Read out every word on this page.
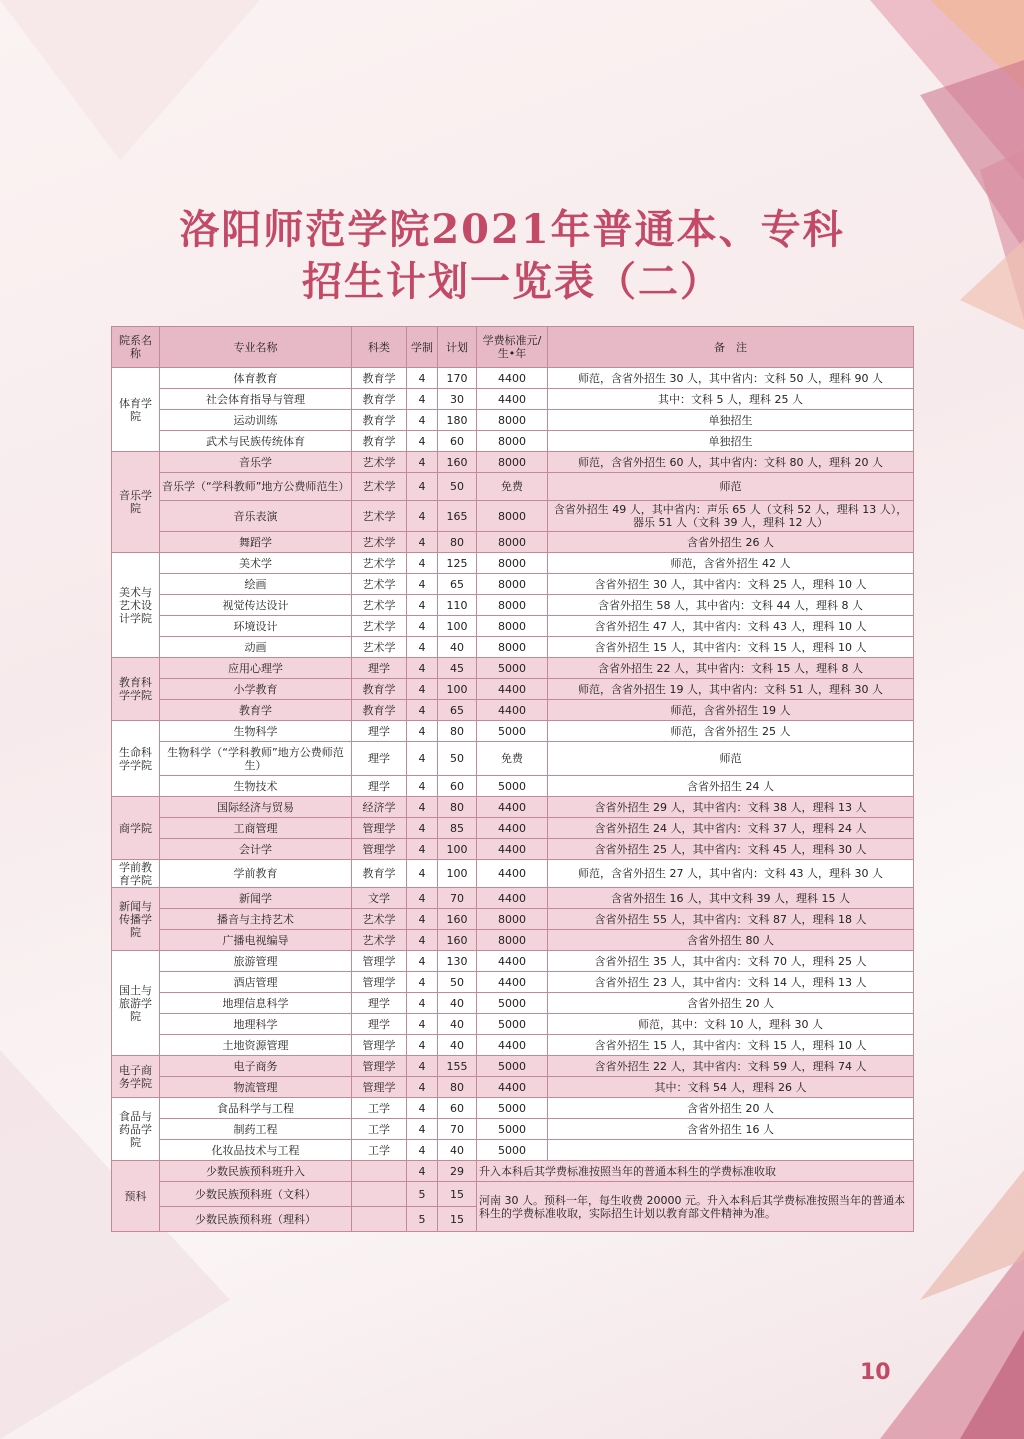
洛阳师范学院2021年普通本、专科
招生计划一览表（二）
院系名称	专业名称	科类	学制	计划	学费标准元/生•年	备　注
体育学院	体育教育	教育学	4	170	4400	师范，含省外招生 30 人，其中省内：文科 50 人，理科 90 人
	社会体育指导与管理	教育学	4	30	4400	其中：文科 5 人，理科 25 人
	运动训练	教育学	4	180	8000	单独招生
	武术与民族传统体育	教育学	4	60	8000	单独招生
音乐学院	音乐学	艺术学	4	160	8000	师范，含省外招生 60 人，其中省内：文科 80 人，理科 20 人
	音乐学（“学科教师”地方公费师范生）	艺术学	4	50	免费	师范
	音乐表演	艺术学	4	165	8000	含省外招生 49 人，其中省内：声乐 65 人（文科 52 人，理科 13 人），器乐 51 人（文科 39 人，理科 12 人）
	舞蹈学	艺术学	4	80	8000	含省外招生 26 人
美术与艺术设计学院	美术学	艺术学	4	125	8000	师范，含省外招生 42 人
	绘画	艺术学	4	65	8000	含省外招生 30 人，其中省内：文科 25 人，理科 10 人
	视觉传达设计	艺术学	4	110	8000	含省外招生 58 人，其中省内：文科 44 人，理科 8 人
	环境设计	艺术学	4	100	8000	含省外招生 47 人，其中省内：文科 43 人，理科 10 人
	动画	艺术学	4	40	8000	含省外招生 15 人，其中省内：文科 15 人，理科 10 人
教育科学学院	应用心理学	理学	4	45	5000	含省外招生 22 人，其中省内：文科 15 人，理科 8 人
	小学教育	教育学	4	100	4400	师范，含省外招生 19 人，其中省内：文科 51 人，理科 30 人
	教育学	教育学	4	65	4400	师范，含省外招生 19 人
生命科学学院	生物科学	理学	4	80	5000	师范，含省外招生 25 人
	生物科学（“学科教师”地方公费师范生）	理学	4	50	免费	师范
	生物技术	理学	4	60	5000	含省外招生 24 人
商学院	国际经济与贸易	经济学	4	80	4400	含省外招生 29 人，其中省内：文科 38 人，理科 13 人
	工商管理	管理学	4	85	4400	含省外招生 24 人，其中省内：文科 37 人，理科 24 人
	会计学	管理学	4	100	4400	含省外招生 25 人，其中省内：文科 45 人，理科 30 人
学前教育学院	学前教育	教育学	4	100	4400	师范，含省外招生 27 人，其中省内：文科 43 人，理科 30 人
新闻与传播学院	新闻学	文学	4	70	4400	含省外招生 16 人，其中文科 39 人，理科 15 人
	播音与主持艺术	艺术学	4	160	8000	含省外招生 55 人，其中省内：文科 87 人，理科 18 人
	广播电视编导	艺术学	4	160	8000	含省外招生 80 人
国土与旅游学院	旅游管理	管理学	4	130	4400	含省外招生 35 人，其中省内：文科 70 人，理科 25 人
	酒店管理	管理学	4	50	4400	含省外招生 23 人，其中省内：文科 14 人，理科 13 人
	地理信息科学	理学	4	40	5000	含省外招生 20 人
	地理科学	理学	4	40	5000	师范，其中：文科 10 人，理科 30 人
	土地资源管理	管理学	4	40	4400	含省外招生 15 人，其中省内：文科 15 人，理科 10 人
电子商务学院	电子商务	管理学	4	155	5000	含省外招生 22 人，其中省内：文科 59 人，理科 74 人
	物流管理	管理学	4	80	4400	其中：文科 54 人，理科 26 人
食品与药品学院	食品科学与工程	工学	4	60	5000	含省外招生 20 人
	制药工程	工学	4	70	5000	含省外招生 16 人
	化妆品技术与工程	工学	4	40	5000	
预科	少数民族预科班升入		4	29	升入本科后其学费标准按照当年的普通本科生的学费标准收取	
	少数民族预科班（文科）		5	15	河南 30 人。预科一年，每生收费 20000 元。升入本科后其学费标准按照当年的普通本科生的学费标准收取，实际招生计划以教育部文件精神为准。	
	少数民族预科班（理科）		5	15		
10
